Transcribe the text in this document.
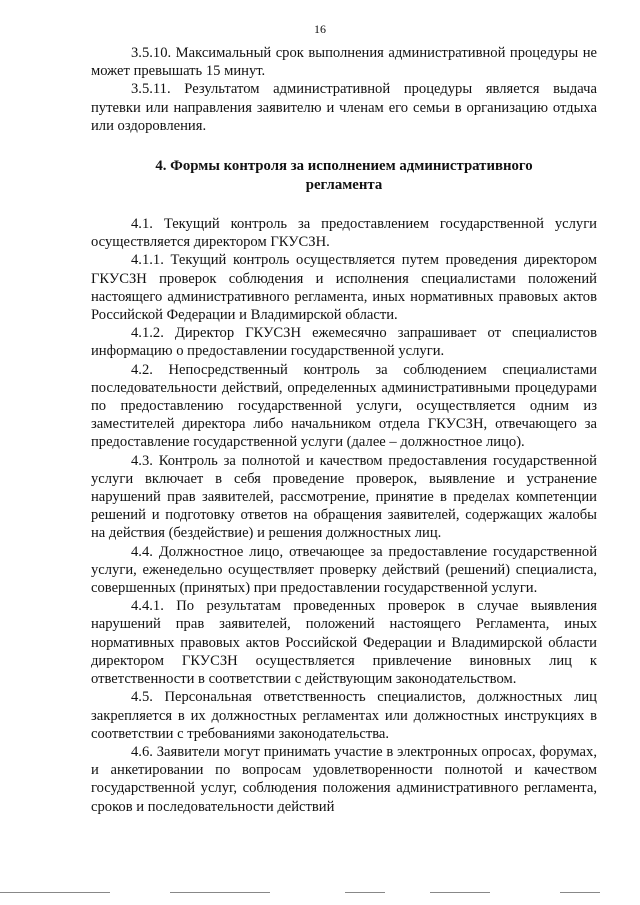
16

3.5.10. Максимальный срок выполнения административной процедуры не может превышать 15 минут.

3.5.11. Результатом административной процедуры является выдача путевки или направления заявителю и членам его семьи в организацию отдыха или оздоровления.

4. Формы контроля за исполнением административного регламента

4.1. Текущий контроль за предоставлением государственной услуги осуществляется директором ГКУСЗН.

4.1.1. Текущий контроль осуществляется путем проведения директором ГКУСЗН проверок соблюдения и исполнения специалистами положений настоящего административного регламента, иных нормативных правовых актов Российской Федерации и Владимирской области.

4.1.2. Директор ГКУСЗН ежемесячно запрашивает от специалистов информацию о предоставлении государственной услуги.

4.2. Непосредственный контроль за соблюдением специалистами последовательности действий, определенных административными процедурами по предоставлению государственной услуги, осуществляется одним из заместителей директора либо начальником отдела ГКУСЗН, отвечающего за предоставление государственной услуги (далее – должностное лицо).

4.3. Контроль за полнотой и качеством предоставления государственной услуги включает в себя проведение проверок, выявление и устранение нарушений прав заявителей, рассмотрение, принятие в пределах компетенции решений и подготовку ответов на обращения заявителей, содержащих жалобы на действия (бездействие) и решения должностных лиц.

4.4. Должностное лицо, отвечающее за предоставление государственной услуги, еженедельно осуществляет проверку действий (решений) специалиста, совершенных (принятых) при предоставлении государственной услуги.

4.4.1. По результатам проведенных проверок в случае выявления нарушений прав заявителей, положений настоящего Регламента, иных нормативных правовых актов Российской Федерации и Владимирской области директором ГКУСЗН осуществляется привлечение виновных лиц к ответственности в соответствии с действующим законодательством.

4.5. Персональная ответственность специалистов, должностных лиц закрепляется в их должностных регламентах или должностных инструкциях в соответствии с требованиями законодательства.

4.6. Заявители могут принимать участие в электронных опросах, форумах, и анкетировании по вопросам удовлетворенности полнотой и качеством государственной услуг, соблюдения положения административного регламента, сроков и последовательности действий
